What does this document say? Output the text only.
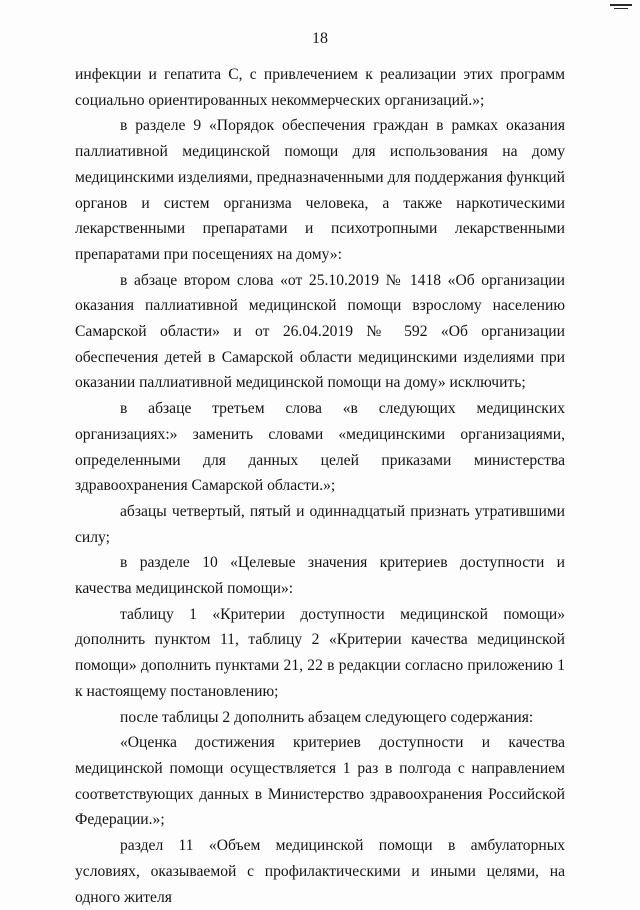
18

инфекции и гепатита С, с привлечением к реализации этих программ социально ориентированных некоммерческих организаций.»;

в разделе 9 «Порядок обеспечения граждан в рамках оказания паллиативной медицинской помощи для использования на дому медицинскими изделиями, предназначенными для поддержания функций органов и систем организма человека, а также наркотическими лекарственными препаратами и психотропными лекарственными препаратами при посещениях на дому»:

в абзаце втором слова «от 25.10.2019 № 1418 «Об организации оказания паллиативной медицинской помощи взрослому населению Самарской области» и от 26.04.2019 № 592 «Об организации обеспечения детей в Самарской области медицинскими изделиями при оказании паллиативной медицинской помощи на дому» исключить;

в абзаце третьем слова «в следующих медицинских организациях:» заменить словами «медицинскими организациями, определенными для данных целей приказами министерства здравоохранения Самарской области.»;

абзацы четвертый, пятый и одиннадцатый признать утратившими силу;

в разделе 10 «Целевые значения критериев доступности и качества медицинской помощи»:

таблицу 1 «Критерии доступности медицинской помощи» дополнить пунктом 11, таблицу 2 «Критерии качества медицинской помощи» дополнить пунктами 21, 22 в редакции согласно приложению 1 к настоящему постановлению;

после таблицы 2 дополнить абзацем следующего содержания:

«Оценка достижения критериев доступности и качества медицинской помощи осуществляется 1 раз в полгода с направлением соответствующих данных в Министерство здравоохранения Российской Федерации.»;

раздел 11 «Объем медицинской помощи в амбулаторных условиях, оказываемой с профилактическими и иными целями, на одного жителя
